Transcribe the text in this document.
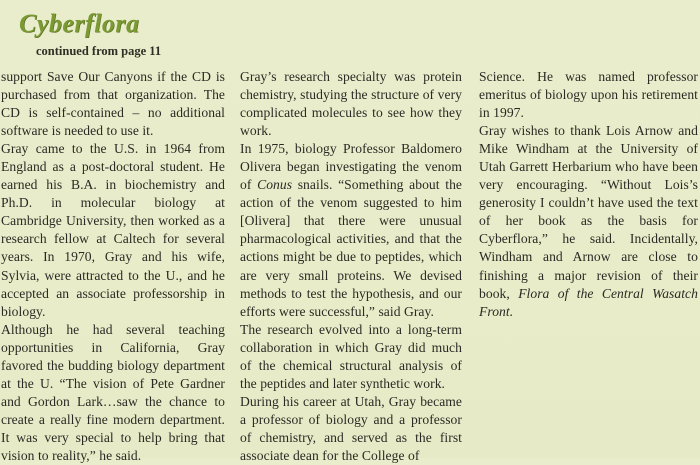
Cyberflora
continued from page 11

support Save Our Canyons if the CD is purchased from that organization. The CD is self-contained – no additional software is needed to use it.

Gray came to the U.S. in 1964 from England as a post-doctoral student. He earned his B.A. in biochemistry and Ph.D. in molecular biology at Cambridge University, then worked as a research fellow at Caltech for several years. In 1970, Gray and his wife, Sylvia, were attracted to the U., and he accepted an associate professorship in biology.

Although he had several teaching opportunities in California, Gray favored the budding biology department at the U. “The vision of Pete Gardner and Gordon Lark…saw the chance to create a really fine modern department. It was very special to help bring that vision to reality,” he said.

Gray’s research specialty was protein chemistry, studying the structure of very complicated molecules to see how they work.

In 1975, biology Professor Baldomero Olivera began investigating the venom of Conus snails. “Something about the action of the venom suggested to him [Olivera] that there were unusual pharmacological activities, and that the actions might be due to peptides, which are very small proteins. We devised methods to test the hypothesis, and our efforts were successful,” said Gray.

The research evolved into a long-term collaboration in which Gray did much of the chemical structural analysis of the peptides and later synthetic work.

During his career at Utah, Gray became a professor of biology and a professor of chemistry, and served as the first associate dean for the College of

Science. He was named professor emeritus of biology upon his retirement in 1997.

Gray wishes to thank Lois Arnow and Mike Windham at the University of Utah Garrett Herbarium who have been very encouraging. “Without Lois’s generosity I couldn’t have used the text of her book as the basis for Cyberflora,” he said. Incidentally, Windham and Arnow are close to finishing a major revision of their book, Flora of the Central Wasatch Front.
